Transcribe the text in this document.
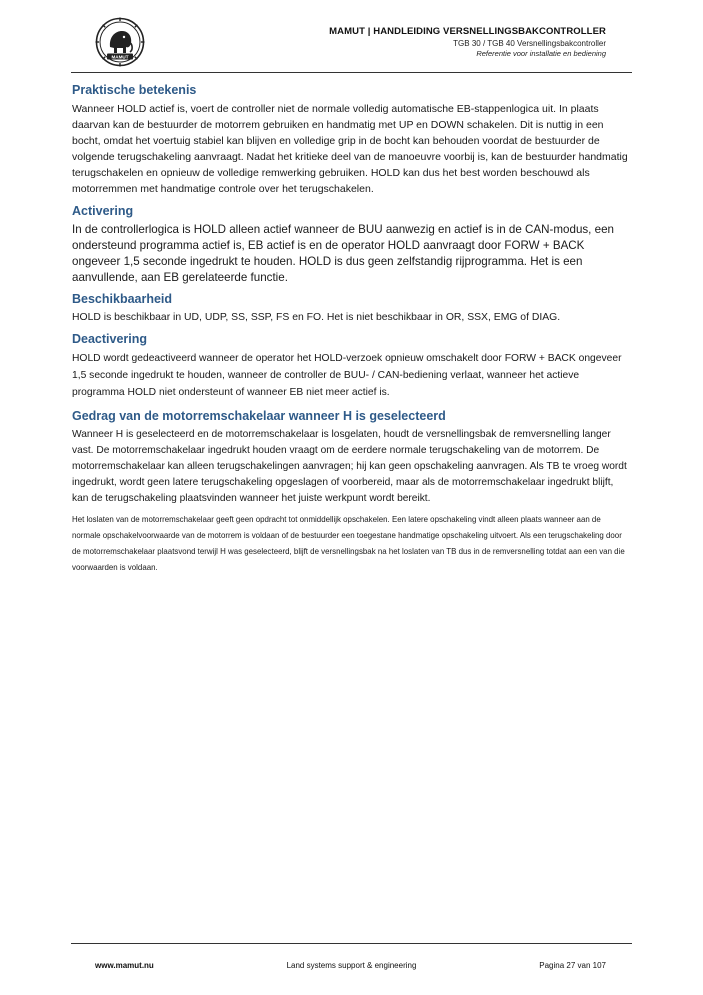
MAMUT
MAMUT | HANDLEIDING VERSNELLINGSBAKCONTROLLER
TGB 30 / TGB 40 Versnellingsbakcontroller
Referentie voor installatie en bediening
Praktische betekenis

Wanneer HOLD actief is, voert de controller niet de normale volledig automatische EB-stappenlogica uit. In plaats daarvan kan de bestuurder de motorrem gebruiken en handmatig met UP en DOWN schakelen. Dit is nuttig in een bocht, omdat het voertuig stabiel kan blijven en volledige grip in de bocht kan behouden voordat de bestuurder de volgende terugschakeling aanvraagt. Nadat het kritieke deel van de manoeuvre voorbij is, kan de bestuurder handmatig terugschakelen en opnieuw de volledige remwerking gebruiken. HOLD kan dus het best worden beschouwd als motorremmen met handmatige controle over het terugschakelen.

Activering

In de controllerlogica is HOLD alleen actief wanneer de BUU aanwezig en actief is in de CAN-modus, een ondersteund programma actief is, EB actief is en de operator HOLD aanvraagt door FORW + BACK ongeveer 1,5 seconde ingedrukt te houden. HOLD is dus geen zelfstandig rijprogramma. Het is een aanvullende, aan EB gerelateerde functie.

Beschikbaarheid

HOLD is beschikbaar in UD, UDP, SS, SSP, FS en FO. Het is niet beschikbaar in OR, SSX, EMG of DIAG.

Deactivering

HOLD wordt gedeactiveerd wanneer de operator het HOLD-verzoek opnieuw omschakelt door FORW + BACK ongeveer 1,5 seconde ingedrukt te houden, wanneer de controller de BUU- / CAN-bediening verlaat, wanneer het actieve programma HOLD niet ondersteunt of wanneer EB niet meer actief is.

Gedrag van de motorremschakelaar wanneer H is geselecteerd

Wanneer H is geselecteerd en de motorremschakelaar is losgelaten, houdt de versnellingsbak de remversnelling langer vast. De motorremschakelaar ingedrukt houden vraagt om de eerdere normale terugschakeling van de motorrem. De motorremschakelaar kan alleen terugschakelingen aanvragen; hij kan geen opschakeling aanvragen. Als TB te vroeg wordt ingedrukt, wordt geen latere terugschakeling opgeslagen of voorbereid, maar als de motorremschakelaar ingedrukt blijft, kan de terugschakeling plaatsvinden wanneer het juiste werkpunt wordt bereikt.

Het loslaten van de motorremschakelaar geeft geen opdracht tot onmiddellijk opschakelen. Een latere opschakeling vindt alleen plaats wanneer aan de normale opschakelvoorwaarde van de motorrem is voldaan of de bestuurder een toegestane handmatige opschakeling uitvoert. Als een terugschakeling door de motorremschakelaar plaatsvond terwijl H was geselecteerd, blijft de versnellingsbak na het loslaten van TB dus in de remversnelling totdat aan een van die voorwaarden is voldaan.

www.mamut.nu	Land systems support & engineering	Pagina 27 van 107
